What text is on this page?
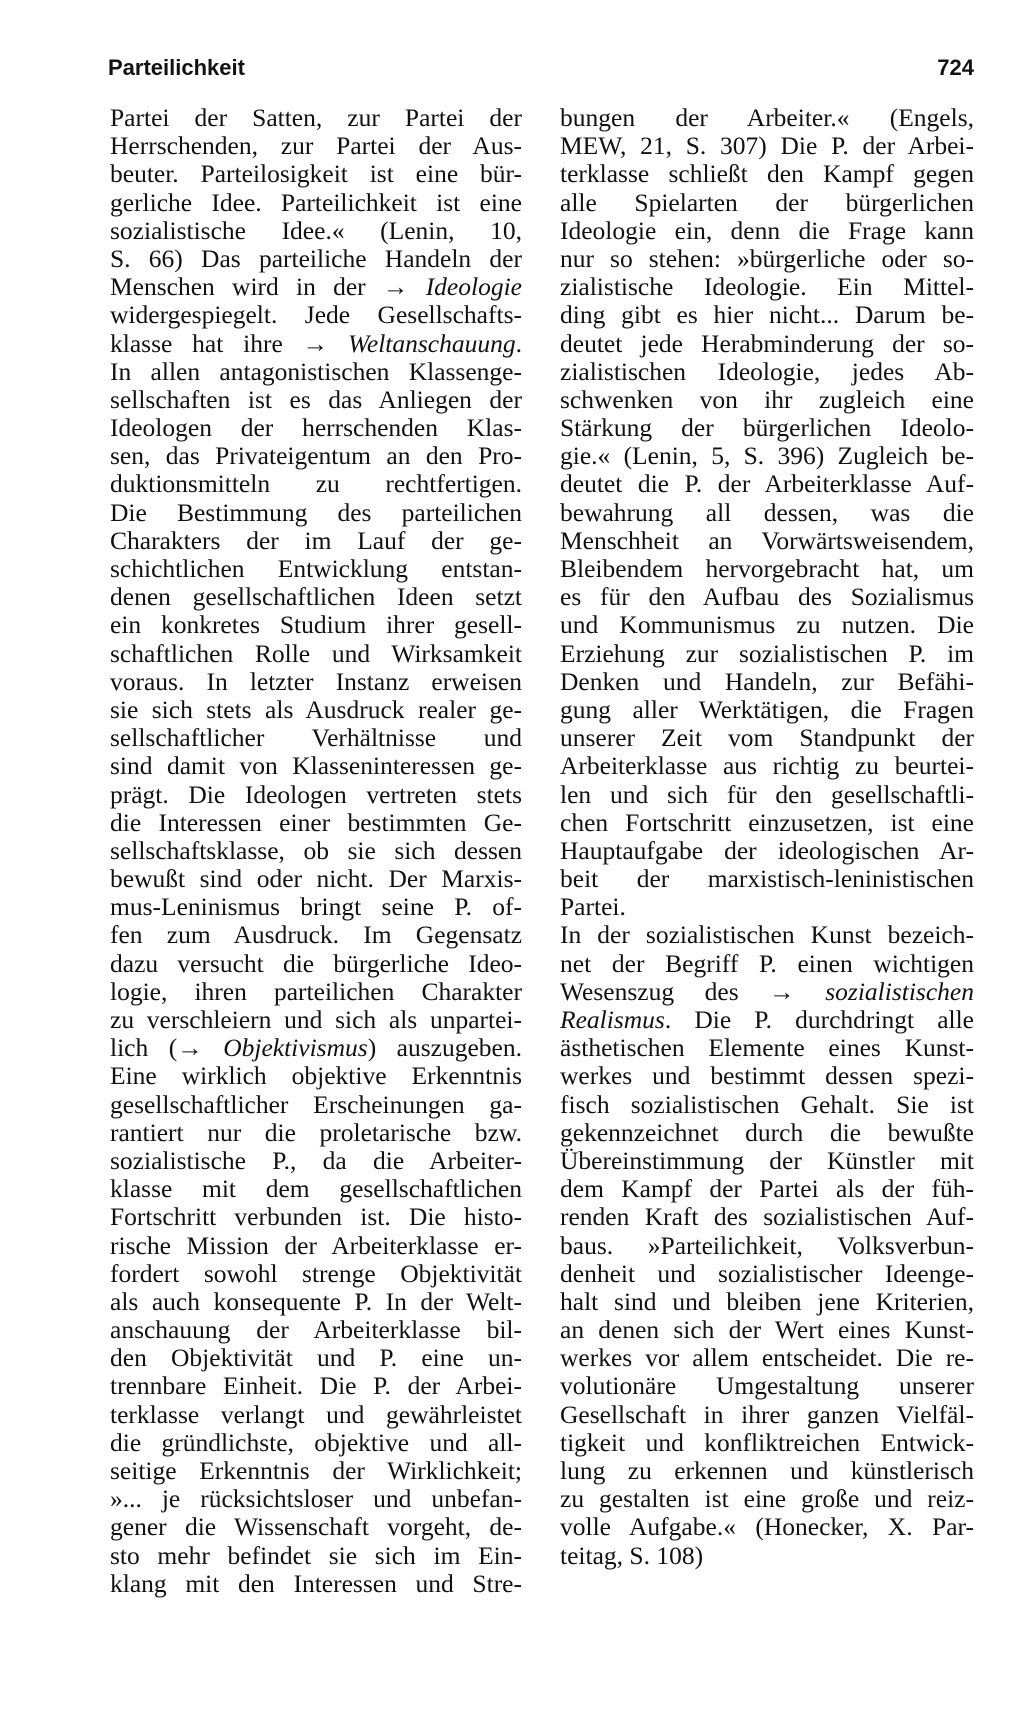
Parteilichkeit	724
Partei der Satten, zur Partei der
Herrschenden, zur Partei der Aus-
beuter. Parteilosigkeit ist eine bür-
gerliche Idee. Parteilichkeit ist eine
sozialistische Idee.« (Lenin, 10,
S. 66) Das parteiliche Handeln der
Menschen wird in der → Ideologie
widergespiegelt. Jede Gesellschafts-
klasse hat ihre → Weltanschauung.
In allen antagonistischen Klassenge-
sellschaften ist es das Anliegen der
Ideologen der herrschenden Klas-
sen, das Privateigentum an den Pro-
duktionsmitteln zu rechtfertigen.
Die Bestimmung des parteilichen
Charakters der im Lauf der ge-
schichtlichen Entwicklung entstan-
denen gesellschaftlichen Ideen setzt
ein konkretes Studium ihrer gesell-
schaftlichen Rolle und Wirksamkeit
voraus. In letzter Instanz erweisen
sie sich stets als Ausdruck realer ge-
sellschaftlicher Verhältnisse und
sind damit von Klasseninteressen ge-
prägt. Die Ideologen vertreten stets
die Interessen einer bestimmten Ge-
sellschaftsklasse, ob sie sich dessen
bewußt sind oder nicht. Der Marxis-
mus-Leninismus bringt seine P. of-
fen zum Ausdruck. Im Gegensatz
dazu versucht die bürgerliche Ideo-
logie, ihren parteilichen Charakter
zu verschleiern und sich als unpartei-
lich (→ Objektivismus) auszugeben.
Eine wirklich objektive Erkenntnis
gesellschaftlicher Erscheinungen ga-
rantiert nur die proletarische bzw.
sozialistische P., da die Arbeiter-
klasse mit dem gesellschaftlichen
Fortschritt verbunden ist. Die histo-
rische Mission der Arbeiterklasse er-
fordert sowohl strenge Objektivität
als auch konsequente P. In der Welt-
anschauung der Arbeiterklasse bil-
den Objektivität und P. eine un-
trennbare Einheit. Die P. der Arbei-
terklasse verlangt und gewährleistet
die gründlichste, objektive und all-
seitige Erkenntnis der Wirklichkeit;
»... je rücksichtsloser und unbefan-
gener die Wissenschaft vorgeht, de-
sto mehr befindet sie sich im Ein-
klang mit den Interessen und Stre-
bungen der Arbeiter.« (Engels,
MEW, 21, S. 307) Die P. der Arbei-
terklasse schließt den Kampf gegen
alle Spielarten der bürgerlichen
Ideologie ein, denn die Frage kann
nur so stehen: »bürgerliche oder so-
zialistische Ideologie. Ein Mittel-
ding gibt es hier nicht... Darum be-
deutet jede Herabminderung der so-
zialistischen Ideologie, jedes Ab-
schwenken von ihr zugleich eine
Stärkung der bürgerlichen Ideolo-
gie.« (Lenin, 5, S. 396) Zugleich be-
deutet die P. der Arbeiterklasse Auf-
bewahrung all dessen, was die
Menschheit an Vorwärtsweisendem,
Bleibendem hervorgebracht hat, um
es für den Aufbau des Sozialismus
und Kommunismus zu nutzen. Die
Erziehung zur sozialistischen P. im
Denken und Handeln, zur Befähi-
gung aller Werktätigen, die Fragen
unserer Zeit vom Standpunkt der
Arbeiterklasse aus richtig zu beurtei-
len und sich für den gesellschaftli-
chen Fortschritt einzusetzen, ist eine
Hauptaufgabe der ideologischen Ar-
beit der marxistisch-leninistischen
Partei.
In der sozialistischen Kunst bezeich-
net der Begriff P. einen wichtigen
Wesenszug des → sozialistischen
Realismus. Die P. durchdringt alle
ästhetischen Elemente eines Kunst-
werkes und bestimmt dessen spezi-
fisch sozialistischen Gehalt. Sie ist
gekennzeichnet durch die bewußte
Übereinstimmung der Künstler mit
dem Kampf der Partei als der füh-
renden Kraft des sozialistischen Auf-
baus. »Parteilichkeit, Volksverbun-
denheit und sozialistischer Ideenge-
halt sind und bleiben jene Kriterien,
an denen sich der Wert eines Kunst-
werkes vor allem entscheidet. Die re-
volutionäre Umgestaltung unserer
Gesellschaft in ihrer ganzen Vielfäl-
tigkeit und konfliktreichen Entwick-
lung zu erkennen und künstlerisch
zu gestalten ist eine große und reiz-
volle Aufgabe.« (Honecker, X. Par-
teitag, S. 108)
